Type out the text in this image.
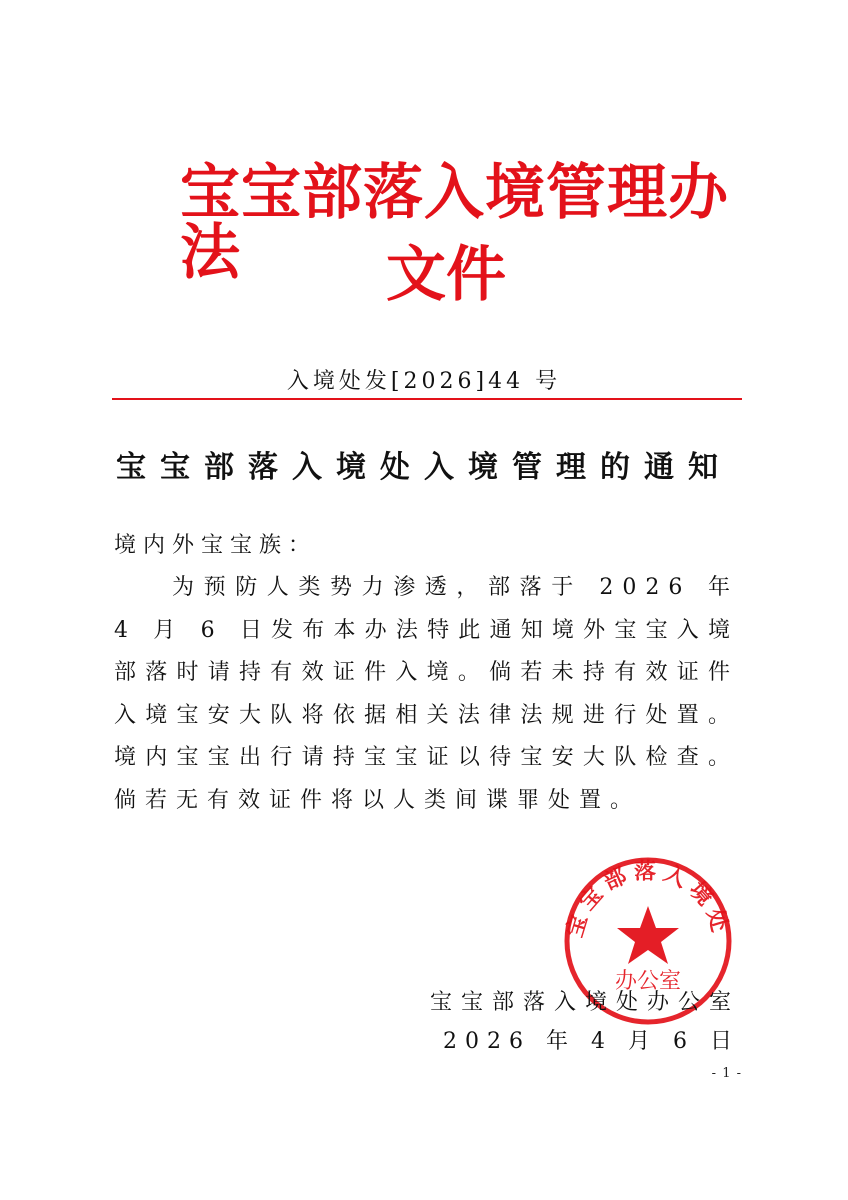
宝宝部落入境管理办法	文件
入境处发[2026]44 号
宝宝部落入境处入境管理的通知
境内外宝宝族：

为预防人类势力渗透，部落于 2026 年 4 月 6 日发布本办法特此通知境外宝宝入境部落时请持有效证件入境。倘若未持有效证件入境宝安大队将依据相关法律法规进行处置。境内宝宝出行请持宝宝证以待宝安大队检查。倘若无有效证件将以人类间谍罪处置。

宝宝部落入境处
办公室
宝宝部落入境处办公室
2026 年 4 月 6 日
- 1 -
